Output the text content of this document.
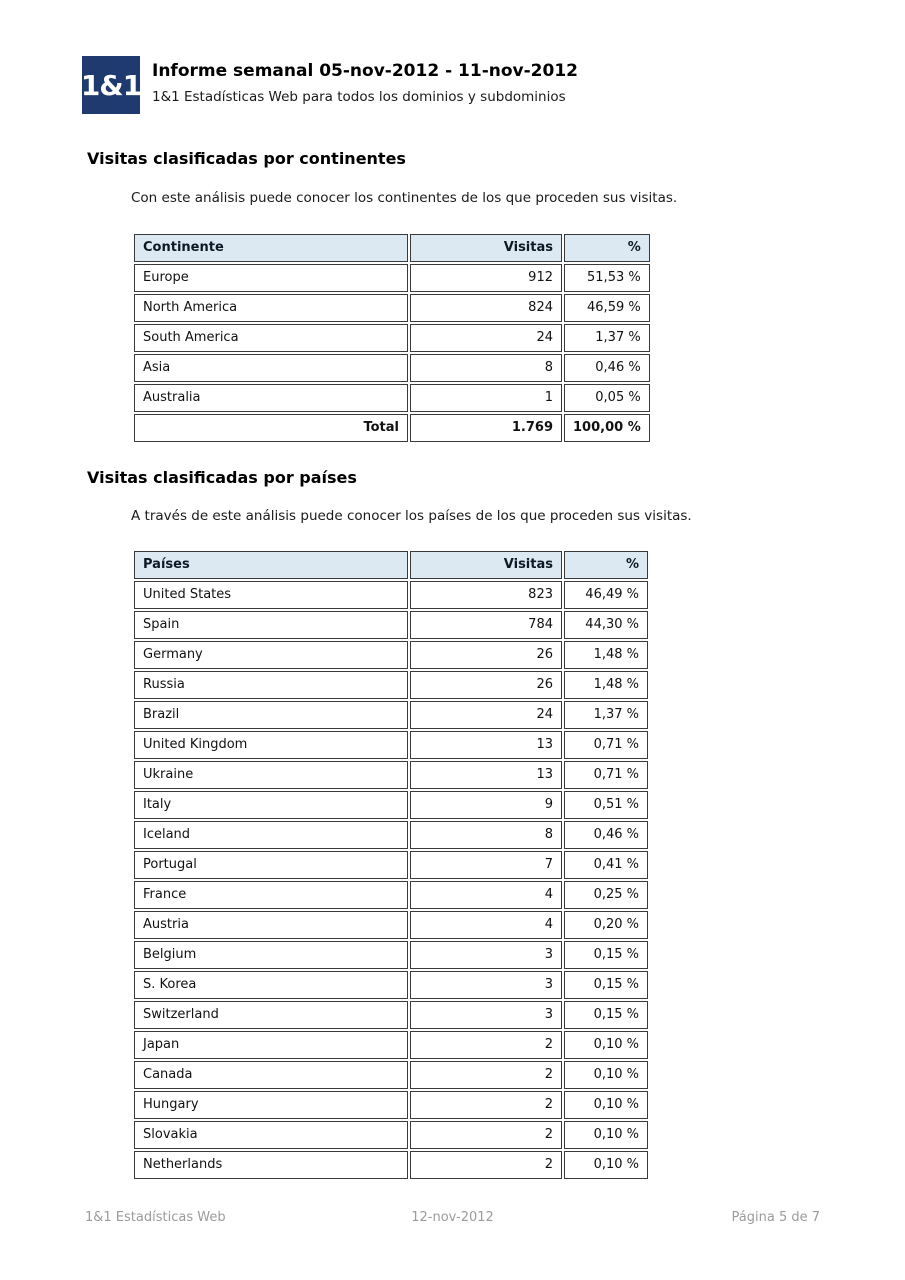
1&1 Informe semanal 05-nov-2012 - 11-nov-2012
1&1 Estadísticas Web para todos los dominios y subdominios
Visitas clasificadas por continentes

Con este análisis puede conocer los continentes de los que proceden sus visitas.

Continente	Visitas	%
Europe	912	51,53 %
North America	824	46,59 %
South America	24	1,37 %
Asia	8	0,46 %
Australia	1	0,05 %
Total	1.769	100,00 %
Visitas clasificadas por países

A través de este análisis puede conocer los países de los que proceden sus visitas.

Países	Visitas	%
United States	823	46,49 %
Spain	784	44,30 %
Germany	26	1,48 %
Russia	26	1,48 %
Brazil	24	1,37 %
United Kingdom	13	0,71 %
Ukraine	13	0,71 %
Italy	9	0,51 %
Iceland	8	0,46 %
Portugal	7	0,41 %
France	4	0,25 %
Austria	4	0,20 %
Belgium	3	0,15 %
S. Korea	3	0,15 %
Switzerland	3	0,15 %
Japan	2	0,10 %
Canada	2	0,10 %
Hungary	2	0,10 %
Slovakia	2	0,10 %
Netherlands	2	0,10 %
1&1 Estadísticas Web	12-nov-2012	Página 5 de 7
